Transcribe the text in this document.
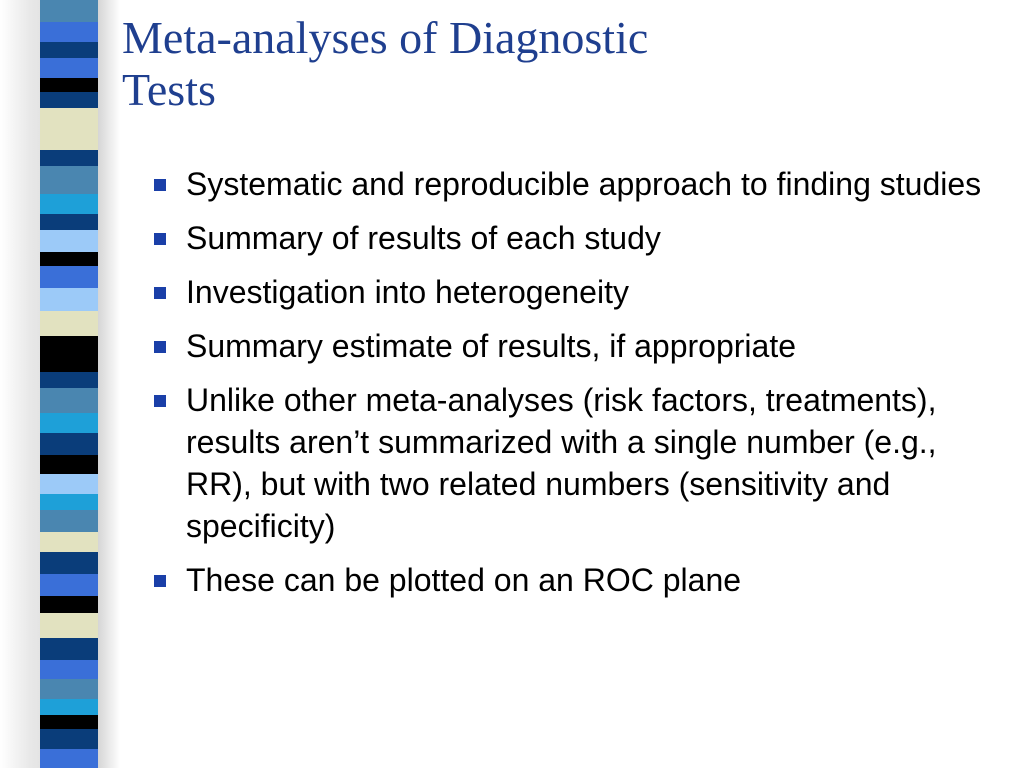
Meta-analyses of Diagnostic
Tests
Systematic and reproducible approach to finding studies
Summary of results of each study
Investigation into heterogeneity
Summary estimate of results, if appropriate
Unlike other meta-analyses (risk factors, treatments), results aren’t summarized with a single number (e.g., RR), but with two related numbers (sensitivity and specificity)
These can be plotted on an ROC plane
